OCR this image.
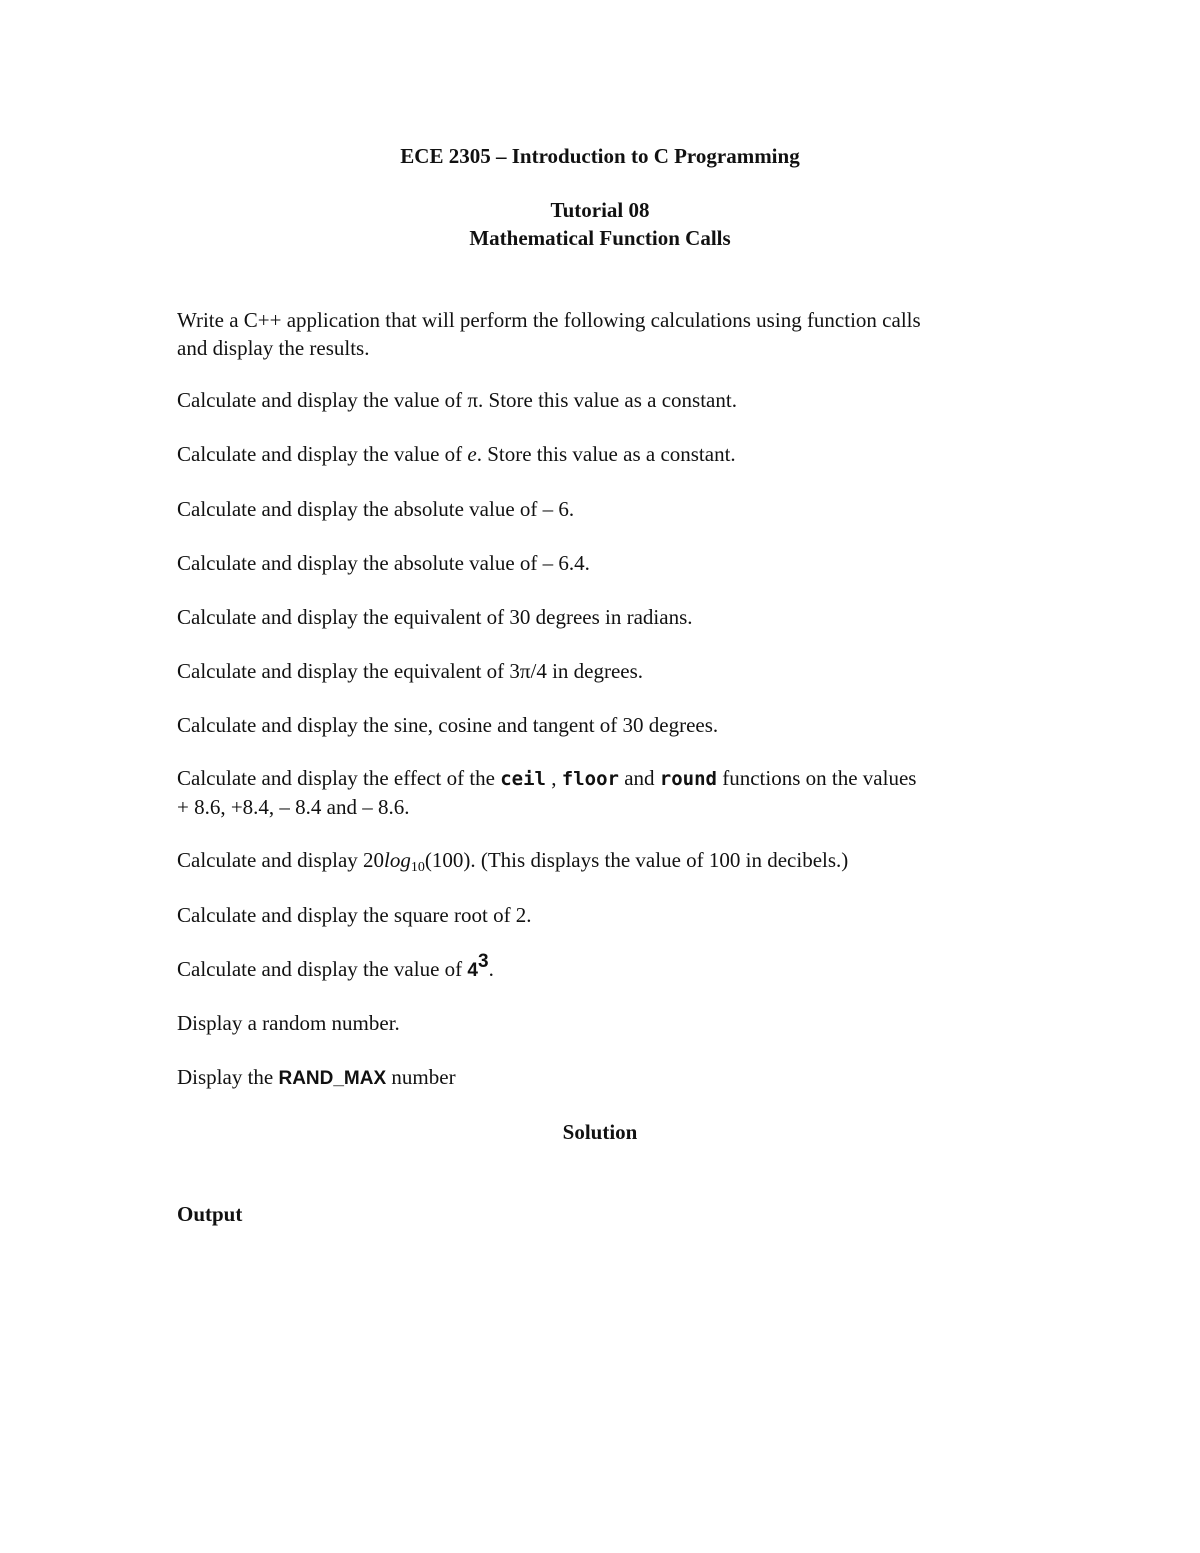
ECE 2305 – Introduction to C Programming
Tutorial 08
Mathematical Function Calls
Write a C++ application that will perform the following calculations using function calls
and display the results.
Calculate and display the value of π. Store this value as a constant.
Calculate and display the value of e. Store this value as a constant.
Calculate and display the absolute value of – 6.
Calculate and display the absolute value of – 6.4.
Calculate and display the equivalent of 30 degrees in radians.
Calculate and display the equivalent of 3π/4 in degrees.
Calculate and display the sine, cosine and tangent of 30 degrees.
Calculate and display the effect of the ceil , floor and round functions on the values
+ 8.6, +8.4, – 8.4 and – 8.6.
Calculate and display $20\log_{10}(100)$. (This displays the value of 100 in decibels.)
Calculate and display the square root of 2.
Calculate and display the value of $4^3$.
Display a random number.
Display the RAND_MAX number
Solution
Output
